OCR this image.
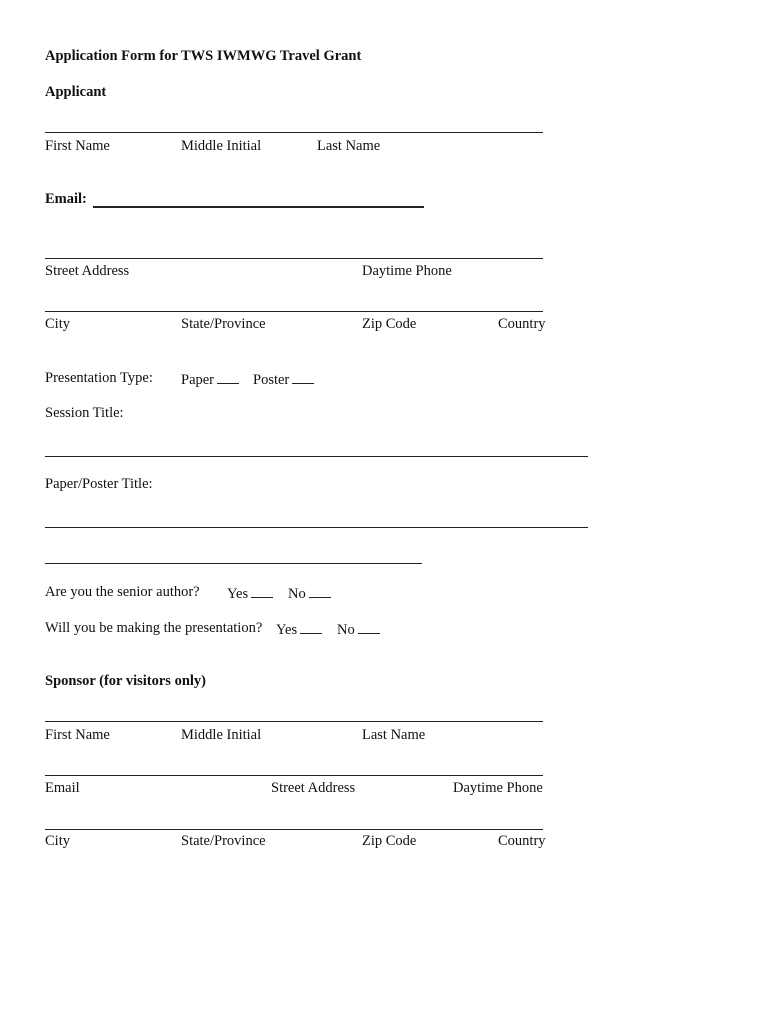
Application Form for TWS IWMWG Travel Grant
Applicant
First Name	Middle Initial	Last Name
Email:
Street Address	Daytime Phone
City	State/Province	Zip Code	Country
Presentation Type: Paper	Poster
Session Title:
Paper/Poster Title:
Are you the senior author? Yes	No
Will you be making the presentation? Yes	No
Sponsor (for visitors only)
First Name	Middle Initial	Last Name
Email	Street Address	Daytime Phone
City	State/Province	Zip Code	Country
